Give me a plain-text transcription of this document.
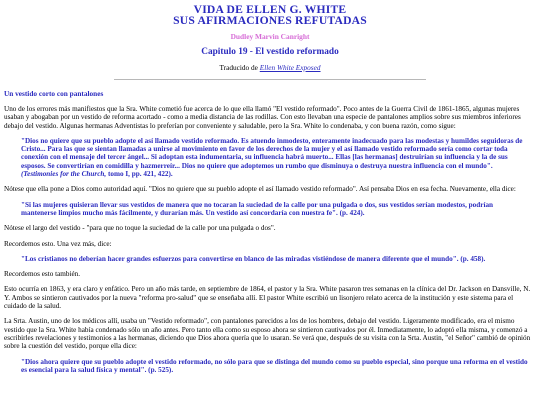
VIDA DE ELLEN G. WHITE
SUS AFIRMACIONES REFUTADAS
Dudley Marvin Canright
Capitulo 19 - El vestido reformado
Traducido de Ellen White Exposed
Un vestido corto con pantalones

Uno de los errores más manifiestos que la Sra. White cometió fue acerca de lo que ella llamó "El vestido reformado". Poco antes de la Guerra Civil de 1861-1865, algunas mujeres usaban y abogaban por un vestido de reforma acortado - como a media distancia de las rodillas. Con esto llevaban una especie de pantalones amplios sobre sus miembros inferiores debajo del vestido. Algunas hermanas Adventistas lo preferían por conveniente y saludable, pero la Sra. White lo condenaba, y con buena razón, como sigue:

"Dios no quiere que su pueblo adopte el así llamado vestido reformado. Es atuendo inmodesto, enteramente inadecuado para las modestas y humildes seguidoras de Cristo... Para las que se sientan llamadas a unirse al movimiento en favor de los derechos de la mujer y el así llamado vestido reformado sería como cortar toda conexión con el mensaje del tercer ángel... Si adoptan esta indumentaria, su influencia habrá muerto... Ellas [las hermanas] destruirían su influencia y la de sus esposos. Se convertirían en comidilla y hazmerreír... Dios no quiere que adoptemos un rumbo que disminuya o destruya nuestra influencia con el mundo". (Testimonies for the Church, tomo I, pp. 421, 422).

Nótese que ella pone a Dios como autoridad aquí. "Dios no quiere que su pueblo adopte el así llamado vestido reformado". Así pensaba Dios en esa fecha. Nuevamente, ella dice:

"Si las mujeres quisieran llevar sus vestidos de manera que no tocaran la suciedad de la calle por una pulgada o dos, sus vestidos serían modestos, podrían mantenerse limpios mucho más fácilmente, y durarían más. Un vestido así concordaría con nuestra fe". (p. 424).

Nótese el largo del vestido - "para que no toque la suciedad de la calle por una pulgada o dos".

Recordemos esto. Una vez más, dice:

"Los cristianos no deberían hacer grandes esfuerzos para convertirse en blanco de las miradas vistiéndose de manera diferente que el mundo". (p. 458).

Recordemos esto también.

Esto ocurría en 1863, y era claro y enfático. Pero un año más tarde, en septiembre de 1864, el pastor y la Sra. White pasaron tres semanas en la clínica del Dr. Jackson en Dansville, N. Y. Ambos se sintieron cautivados por la nueva "reforma pro-salud" que se enseñaba allí. El pastor White escribió un lisonjero relato acerca de la institución y este sistema para el cuidado de la salud.

La Srta. Austin, uno de los médicos allí, usaba un "Vestido reformado", con pantalones parecidos a los de los hombres, debajo del vestido. Ligeramente modificado, era el mismo vestido que la Sra. White había condenado sólo un año antes. Pero tanto ella como su esposo ahora se sintieron cautivados por él. Inmediatamente, lo adoptó ella misma, y comenzó a escribirles revelaciones y testimonios a las hermanas, diciendo que Dios ahora quería que lo usaran. Se verá que, después de su visita con la Srta. Austin, "el Señor" cambió de opinión sobre la cuestión del vestido, porque ella dice:

"Dios ahora quiere que su pueblo adopte el vestido reformado, no sólo para que se distinga del mundo como su pueblo especial, sino porque una reforma en el vestido es esencial para la salud física y mental". (p. 525).
